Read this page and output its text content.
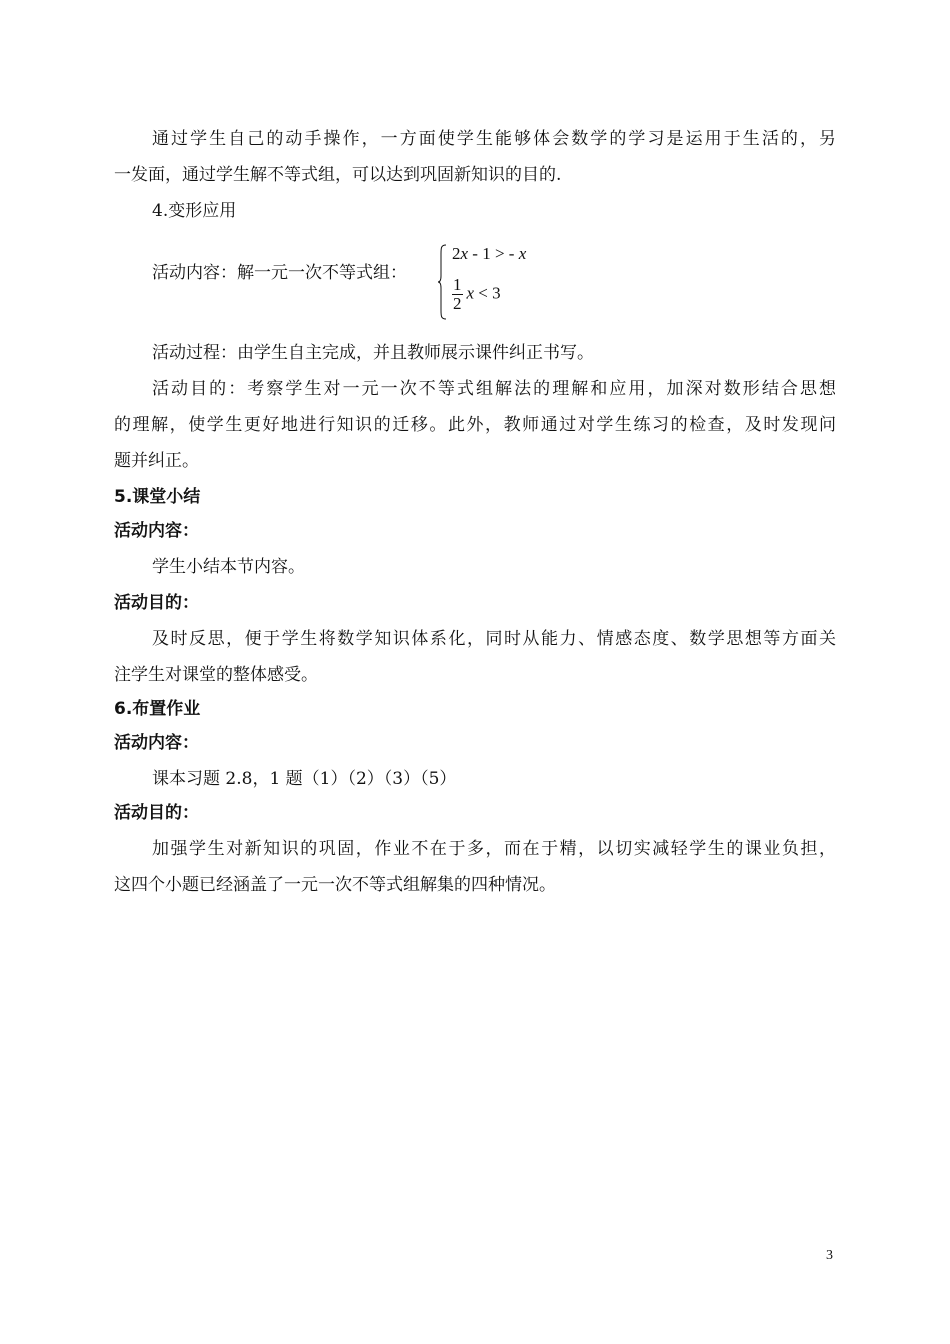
通过学生自己的动手操作，一方面使学生能够体会数学的学习是运用于生活的，另
一发面，通过学生解不等式组，可以达到巩固新知识的目的.
4.变形应用
活动内容：解一元一次不等式组：
2x - 1 > - x
$\frac{1}{2}$ x < 3
活动过程：由学生自主完成，并且教师展示课件纠正书写。
活动目的：考察学生对一元一次不等式组解法的理解和应用，加深对数形结合思想
的理解，使学生更好地进行知识的迁移。此外，教师通过对学生练习的检查，及时发现问
题并纠正。
5.课堂小结
活动内容：
学生小结本节内容。
活动目的：
及时反思，便于学生将数学知识体系化，同时从能力、情感态度、数学思想等方面关
注学生对课堂的整体感受。
6.布置作业
活动内容：
课本习题 2.8，1 题（1）（2）（3）（5）
活动目的：
加强学生对新知识的巩固，作业不在于多，而在于精，以切实减轻学生的课业负担，
这四个小题已经涵盖了一元一次不等式组解集的四种情况。
3
